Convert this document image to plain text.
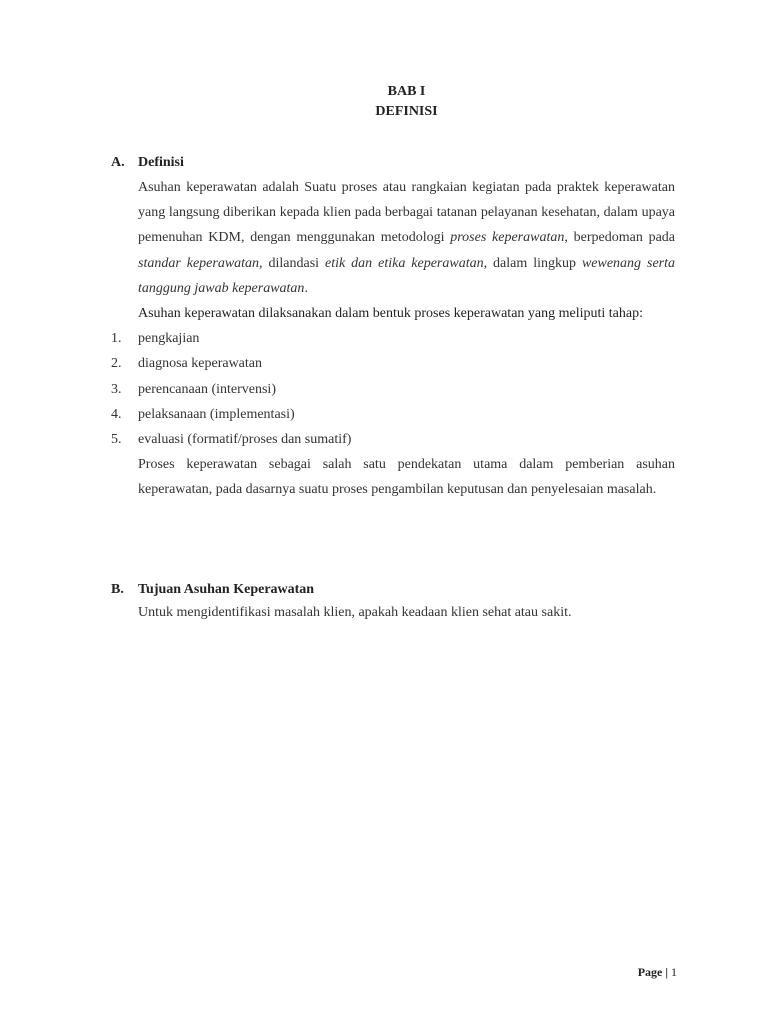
BAB I
DEFINISI
A. Definisi
Asuhan keperawatan adalah Suatu proses atau rangkaian kegiatan pada praktek keperawatan yang langsung diberikan kepada klien pada berbagai tatanan pelayanan kesehatan, dalam upaya pemenuhan KDM, dengan menggunakan metodologi proses keperawatan, berpedoman pada standar keperawatan, dilandasi etik dan etika keperawatan, dalam lingkup wewenang serta tanggung jawab keperawatan.
Asuhan keperawatan dilaksanakan dalam bentuk proses keperawatan yang meliputi tahap:
1. pengkajian
2. diagnosa keperawatan
3. perencanaan (intervensi)
4. pelaksanaan (implementasi)
5. evaluasi (formatif/proses dan sumatif)
Proses keperawatan sebagai salah satu pendekatan utama dalam pemberian asuhan keperawatan, pada dasarnya suatu proses pengambilan keputusan dan penyelesaian masalah.
B. Tujuan Asuhan Keperawatan
Untuk mengidentifikasi masalah klien, apakah keadaan klien sehat atau sakit.
Page | 1
